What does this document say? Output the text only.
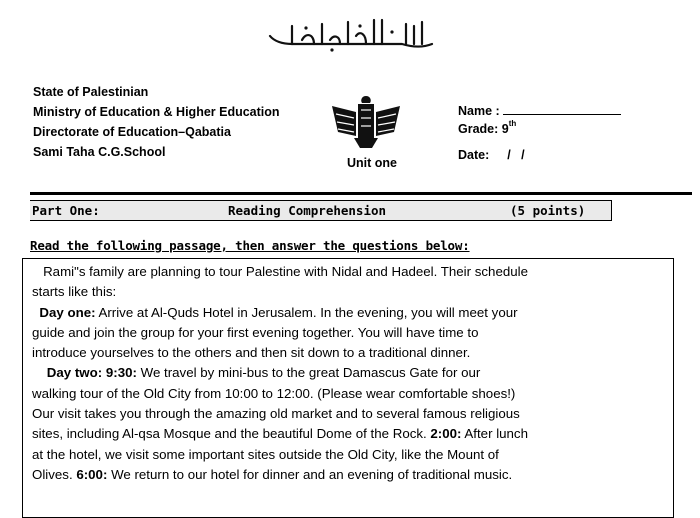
State of Palestinian
Ministry of Education & Higher Education
Directorate of Education–Qabatia
Sami Taha C.G.School
Unit one
Name :
Grade: 9th
Date: /   /
Part One:	Reading Comprehension	(5 points)
Read the following passage, then answer the questions below:

Rami"s family are planning to tour Palestine with Nidal and Hadeel. Their schedule

starts like this:

Day one: Arrive at Al-Quds Hotel in Jerusalem. In the evening, you will meet your

guide and join the group for your first evening together. You will have time to

introduce yourselves to the others and then sit down to a traditional dinner.

Day two: 9:30: We travel by mini-bus to the great Damascus Gate for our

walking tour of the Old City from 10:00 to 12:00. (Please wear comfortable shoes!)

Our visit takes you through the amazing old market and to several famous religious

sites, including Al-qsa Mosque and the beautiful Dome of the Rock. 2:00: After lunch

at the hotel, we visit some important sites outside the Old City, like the Mount of

Olives. 6:00: We return to our hotel for dinner and an evening of traditional music.
